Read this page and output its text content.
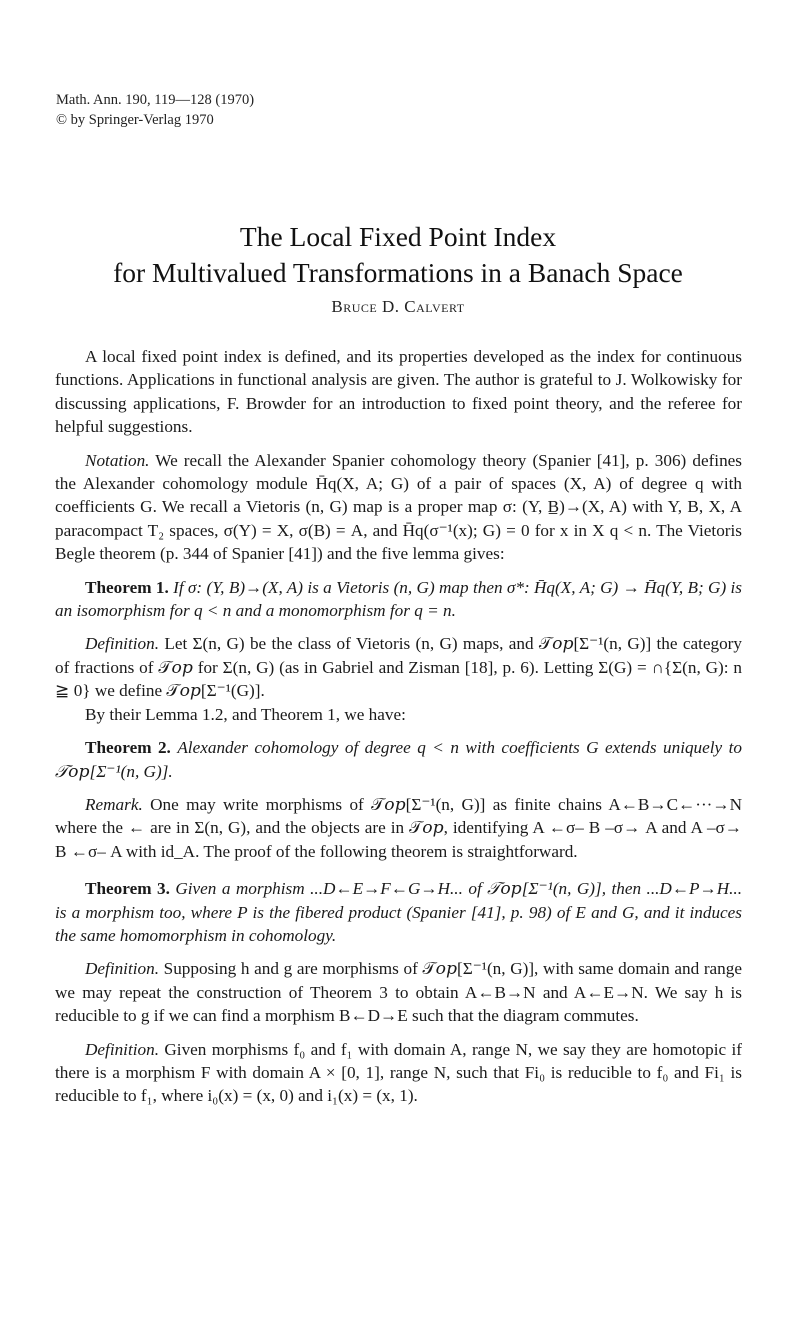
Math. Ann. 190, 119—128 (1970)
© by Springer-Verlag 1970
The Local Fixed Point Index
for Multivalued Transformations in a Banach Space
Bruce D. Calvert

A local fixed point index is defined, and its properties developed as the index for continuous functions. Applications in functional analysis are given. The author is grateful to J. Wolkowisky for discussing applications, F. Browder for an introduction to fixed point theory, and the referee for helpful suggestions.

Notation. We recall the Alexander Spanier cohomology theory (Spanier [41], p. 306) defines the Alexander cohomology module H̄q(X, A; G) of a pair of spaces (X, A) of degree q with coefficients G. We recall a Vietoris (n, G) map is a proper map σ: (Y, B̲)→(X, A) with Y, B, X, A paracompact T₂ spaces, σ(Y) = X, σ(B) = A, and H̄q(σ⁻¹(x); G) = 0 for x in X q < n. The Vietoris Begle theorem (p. 344 of Spanier [41]) and the five lemma gives:

Theorem 1. If σ: (Y, B)→(X, A) is a Vietoris (n, G) map then σ*: H̄q(X, A; G) → H̄q(Y, B; G) is an isomorphism for q < n and a monomorphism for q = n.

Definition. Let Σ(n, G) be the class of Vietoris (n, G) maps, and 𝒯𝑜𝑝[Σ⁻¹(n, G)] the category of fractions of 𝒯𝑜𝑝 for Σ(n, G) (as in Gabriel and Zisman [18], p. 6). Letting Σ(G) = ∩{Σ(n, G): n ≧ 0} we define 𝒯𝑜𝑝[Σ⁻¹(G)].

By their Lemma 1.2, and Theorem 1, we have:

Theorem 2. Alexander cohomology of degree q < n with coefficients G extends uniquely to 𝒯𝑜𝑝[Σ⁻¹(n, G)].

Remark. One may write morphisms of 𝒯𝑜𝑝[Σ⁻¹(n, G)] as finite chains A←B→C←···→N where the ← are in Σ(n, G), and the objects are in 𝒯𝑜𝑝, identifying A ←σ– B –σ→ A and A –σ→ B ←σ– A with id_A. The proof of the following theorem is straightforward.

Theorem 3. Given a morphism ...D←E→F←G→H... of 𝒯𝑜𝑝[Σ⁻¹(n, G)], then ...D←P→H... is a morphism too, where P is the fibered product (Spanier [41], p. 98) of E and G, and it induces the same homomorphism in cohomology.

Definition. Supposing h and g are morphisms of 𝒯𝑜𝑝[Σ⁻¹(n, G)], with same domain and range we may repeat the construction of Theorem 3 to obtain A←B→N and A←E→N. We say h is reducible to g if we can find a morphism B←D→E such that the diagram commutes.

Definition. Given morphisms f₀ and f₁ with domain A, range N, we say they are homotopic if there is a morphism F with domain A × [0, 1], range N, such that Fi₀ is reducible to f₀ and Fi₁ is reducible to f₁, where i₀(x) = (x, 0) and i₁(x) = (x, 1).
